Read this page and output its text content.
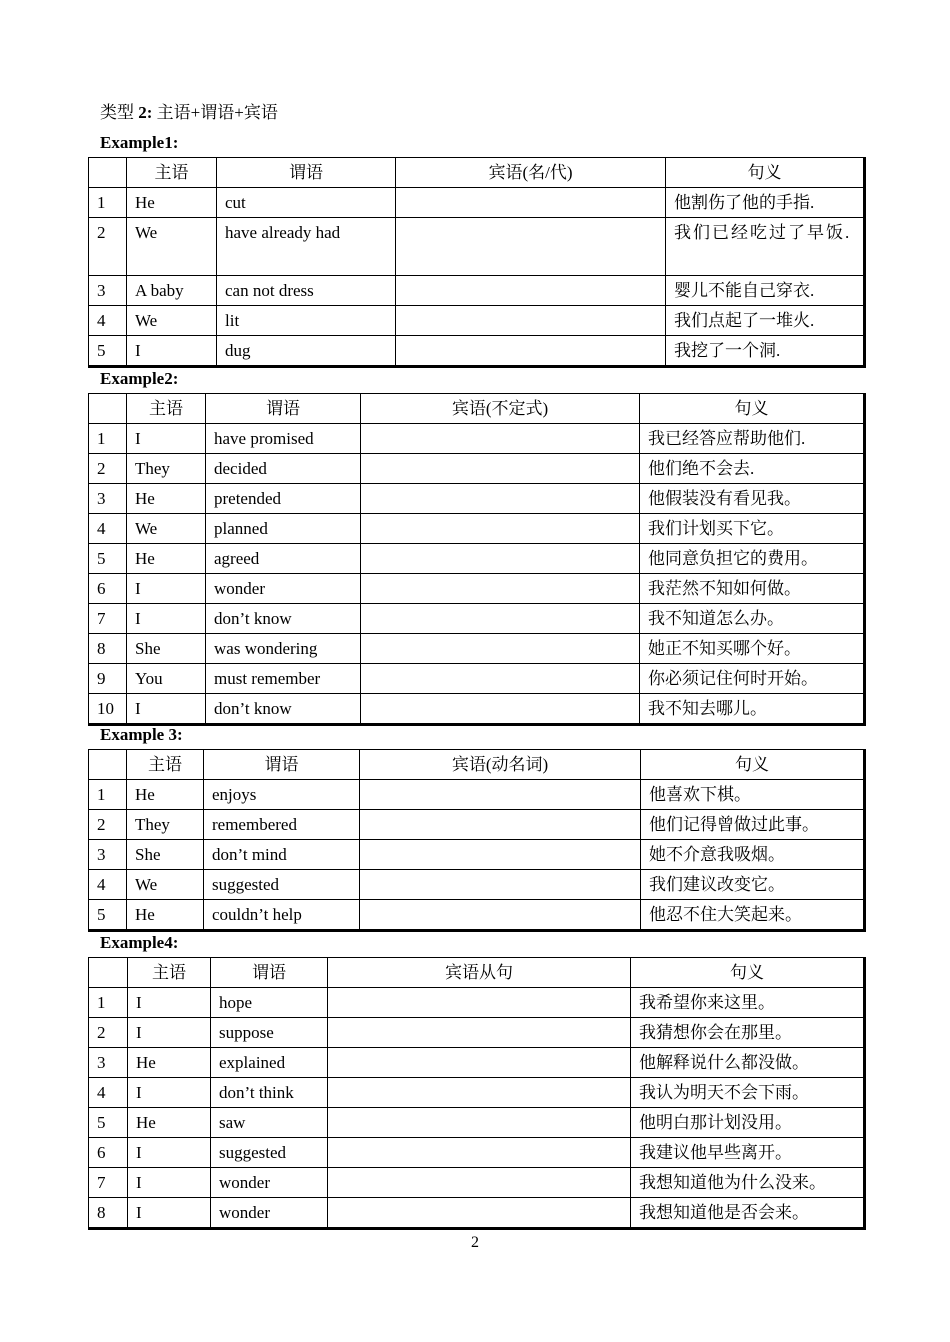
类型 2: 主语+谓语+宾语
Example1:
	主语	谓语	宾语(名/代)	句义
1	He	cut		他割伤了他的手指.
2	We	have already had		我们已经吃过了早饭.
3	A baby	can not dress		婴儿不能自己穿衣.
4	We	lit		我们点起了一堆火.
5	I	dug		我挖了一个洞.
Example2:
	主语	谓语	宾语(不定式)	句义
1	I	have promised		我已经答应帮助他们.
2	They	decided		他们绝不会去.
3	He	pretended		他假装没有看见我。
4	We	planned		我们计划买下它。
5	He	agreed		他同意负担它的费用。
6	I	wonder		我茫然不知如何做。
7	I	don’t know		我不知道怎么办。
8	She	was wondering		她正不知买哪个好。
9	You	must remember		你必须记住何时开始。
10	I	don’t know		我不知去哪儿。
Example 3:
	主语	谓语	宾语(动名词)	句义
1	He	enjoys		他喜欢下棋。
2	They	remembered		他们记得曾做过此事。
3	She	don’t mind		她不介意我吸烟。
4	We	suggested		我们建议改变它。
5	He	couldn’t help		他忍不住大笑起来。
Example4:
	主语	谓语	宾语从句	句义
1	I	hope		我希望你来这里。
2	I	suppose		我猜想你会在那里。
3	He	explained		他解释说什么都没做。
4	I	don’t think		我认为明天不会下雨。
5	He	saw		他明白那计划没用。
6	I	suggested		我建议他早些离开。
7	I	wonder		我想知道他为什么没来。
8	I	wonder		我想知道他是否会来。
2
